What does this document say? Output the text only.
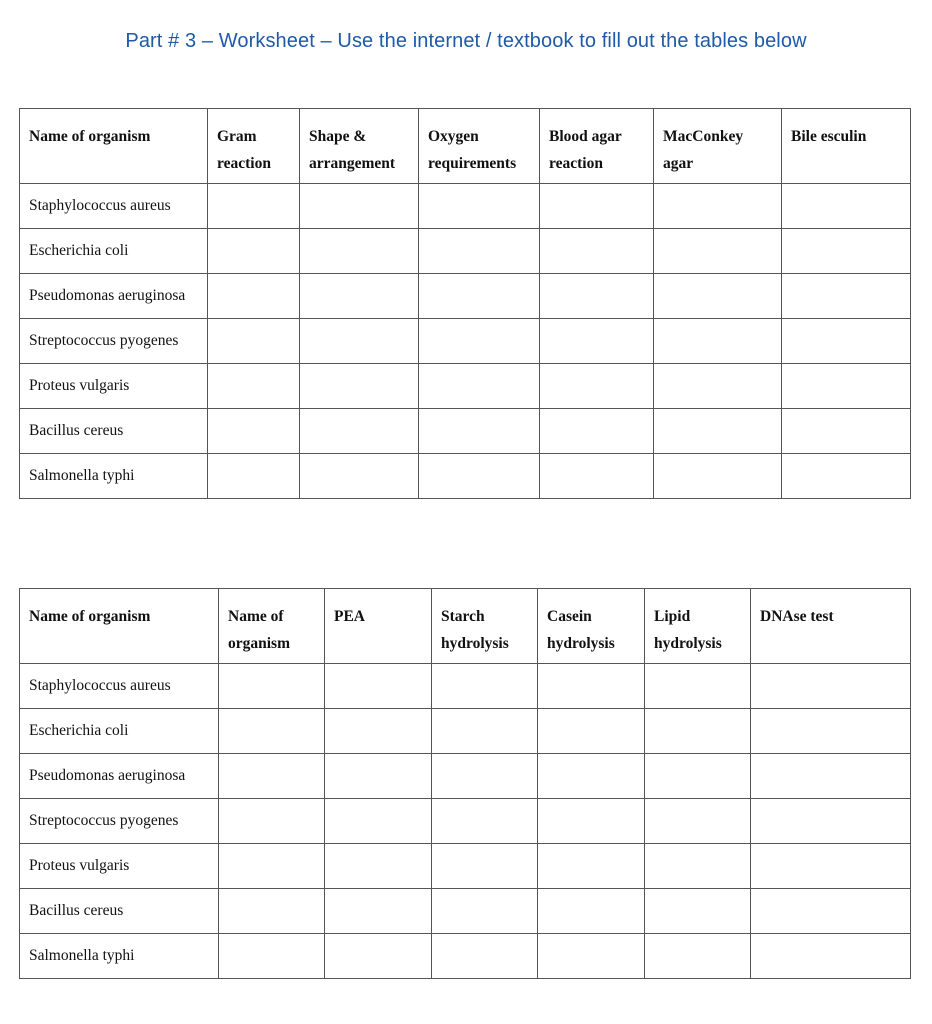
Part # 3 – Worksheet – Use the internet / textbook to fill out the tables below
Name of organism	Gram reaction	Shape & arrangement	Oxygen requirements	Blood agar reaction	MacConkey agar	Bile esculin
Staphylococcus aureus						
Escherichia coli						
Pseudomonas aeruginosa						
Streptococcus pyogenes						
Proteus vulgaris						
Bacillus cereus						
Salmonella typhi						
Name of organism	Name of organism	PEA	Starch hydrolysis	Casein hydrolysis	Lipid hydrolysis	DNAse test
Staphylococcus aureus						
Escherichia coli						
Pseudomonas aeruginosa						
Streptococcus pyogenes						
Proteus vulgaris						
Bacillus cereus						
Salmonella typhi						
